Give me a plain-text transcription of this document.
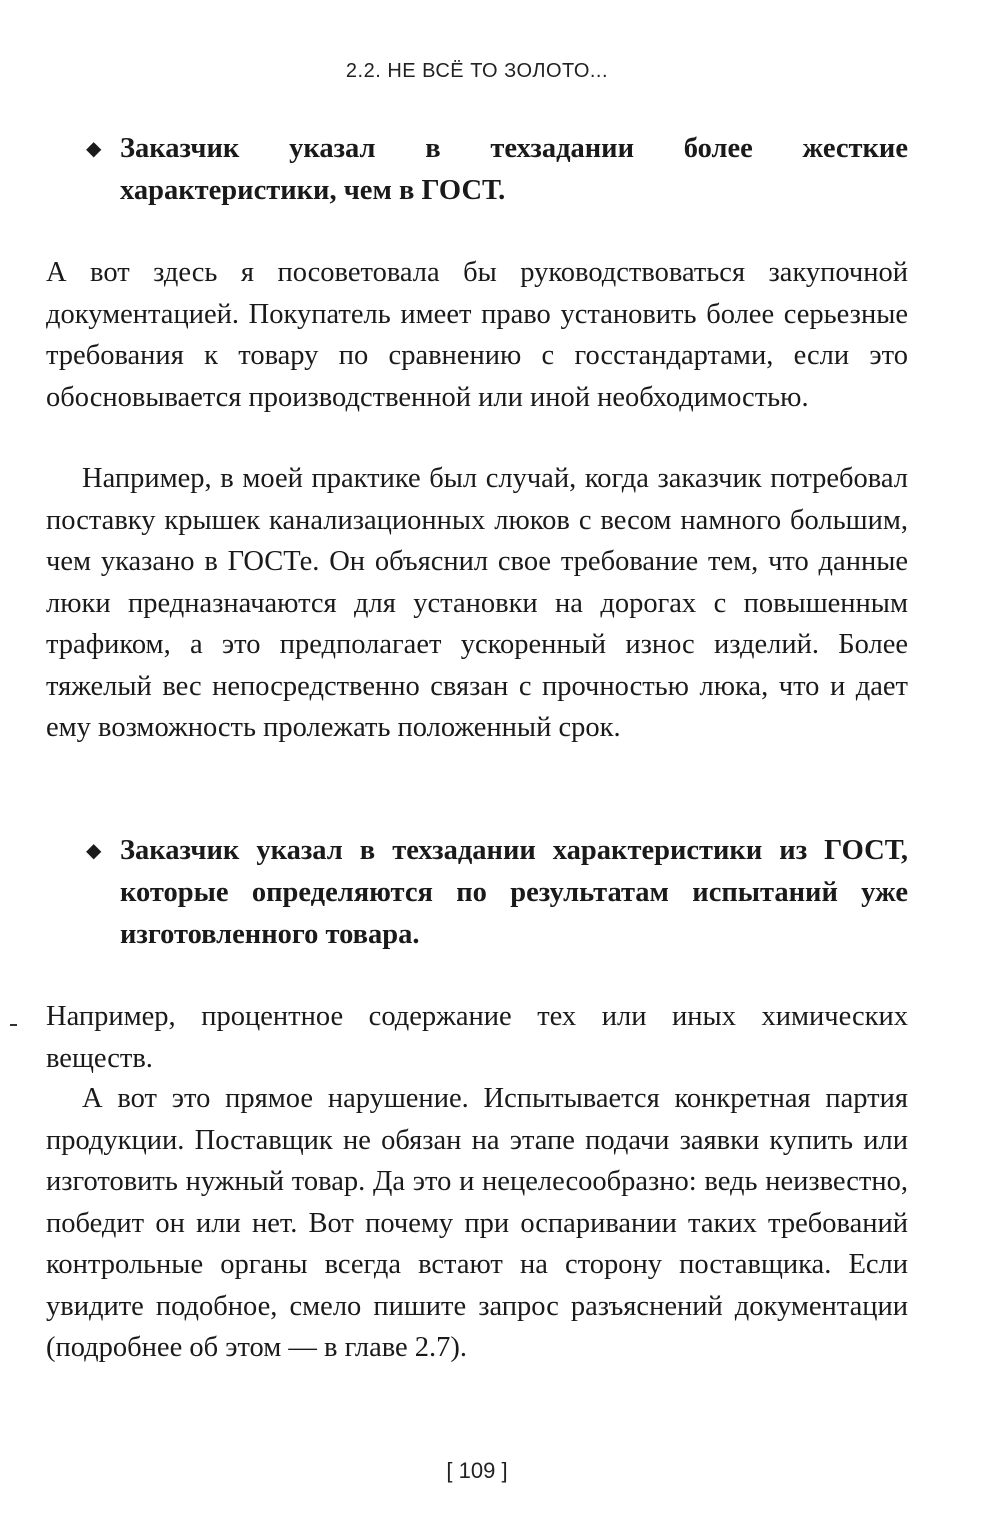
2.2. НЕ ВСЁ ТО ЗОЛОТО...
◆ Заказчик указал в техзадании более жесткие характеристики, чем в ГОСТ.

А вот здесь я посоветовала бы руководствоваться закупочной документацией. Покупатель имеет право установить более серьезные требования к товару по сравнению с госстандартами, если это обосновывается производственной или иной необходимостью.

Например, в моей практике был случай, когда заказчик потребовал поставку крышек канализационных люков с весом намного большим, чем указано в ГОСТе. Он объяснил свое требование тем, что данные люки предназначаются для установки на дорогах с повышенным трафиком, а это предполагает ускоренный износ изделий. Более тяжелый вес непосредственно связан с прочностью люка, что и дает ему возможность пролежать положенный срок.

◆ Заказчик указал в техзадании характеристики из ГОСТ, которые определяются по результатам испытаний уже изготовленного товара.

Например, процентное содержание тех или иных химических веществ.

А вот это прямое нарушение. Испытывается конкретная партия продукции. Поставщик не обязан на этапе подачи заявки купить или изготовить нужный товар. Да это и нецелесообразно: ведь неизвестно, победит он или нет. Вот почему при оспаривании таких требований контрольные органы всегда встают на сторону поставщика. Если увидите подобное, смело пишите запрос разъяснений документации (подробнее об этом — в главе 2.7).

[ 109 ]
